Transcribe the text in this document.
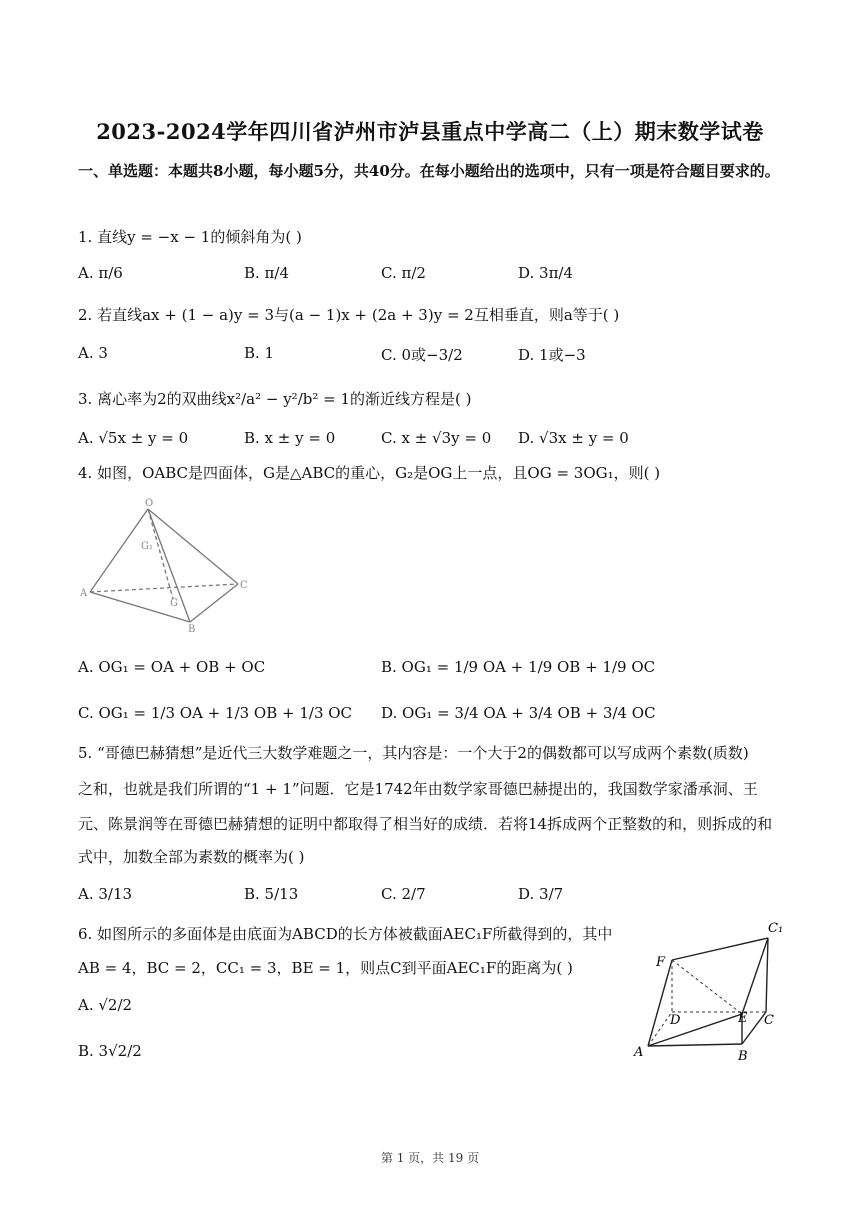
2023-2024学年四川省泸州市泸县重点中学高二（上）期末数学试卷
一、单选题：本题共8小题，每小题5分，共40分。在每小题给出的选项中，只有一项是符合题目要求的。
1. 直线y = −x − 1的倾斜角为( )
A. π/6	B. π/4	C. π/2	D. 3π/4
2. 若直线ax + (1 − a)y = 3与(a − 1)x + (2a + 3)y = 2互相垂直，则a等于( )
A. 3	B. 1	C. 0或−3/2	D. 1或−3
3. 离心率为2的双曲线x²/a² − y²/b² = 1的渐近线方程是( )
A. √5x ± y = 0	B. x ± y = 0	C. x ± √3y = 0 D. √3x ± y = 0
4. 如图，OABC是四面体，G是△ABC的重心，G₂是OG上一点，且OG = 3OG₁，则( )
O
G₁
A
G
B
C
A. OG₁ = OA + OB + OC	B. OG₁ = 1/9 OA + 1/9 OB + 1/9 OC
C. OG₁ = 1/3 OA + 1/3 OB + 1/3 OC D. OG₁ = 3/4 OA + 3/4 OB + 3/4 OC
5. “哥德巴赫猜想”是近代三大数学难题之一，其内容是：一个大于2的偶数都可以写成两个素数(质数)
之和，也就是我们所谓的“1 + 1”问题．它是1742年由数学家哥德巴赫提出的，我国数学家潘承洞、王
元、陈景润等在哥德巴赫猜想的证明中都取得了相当好的成绩．若将14拆成两个正整数的和，则拆成的和
式中，加数全部为素数的概率为( )
A. 3/13	B. 5/13	C. 2/7	D. 3/7
6. 如图所示的多面体是由底面为ABCD的长方体被截面AEC₁F所截得到的，其中
AB = 4，BC = 2，CC₁ = 3，BE = 1，则点C到平面AEC₁F的距离为( )
A. √2/2
B. 3√2/2
C₁
F
D	E C
A	B
第 1 页，共 19 页
